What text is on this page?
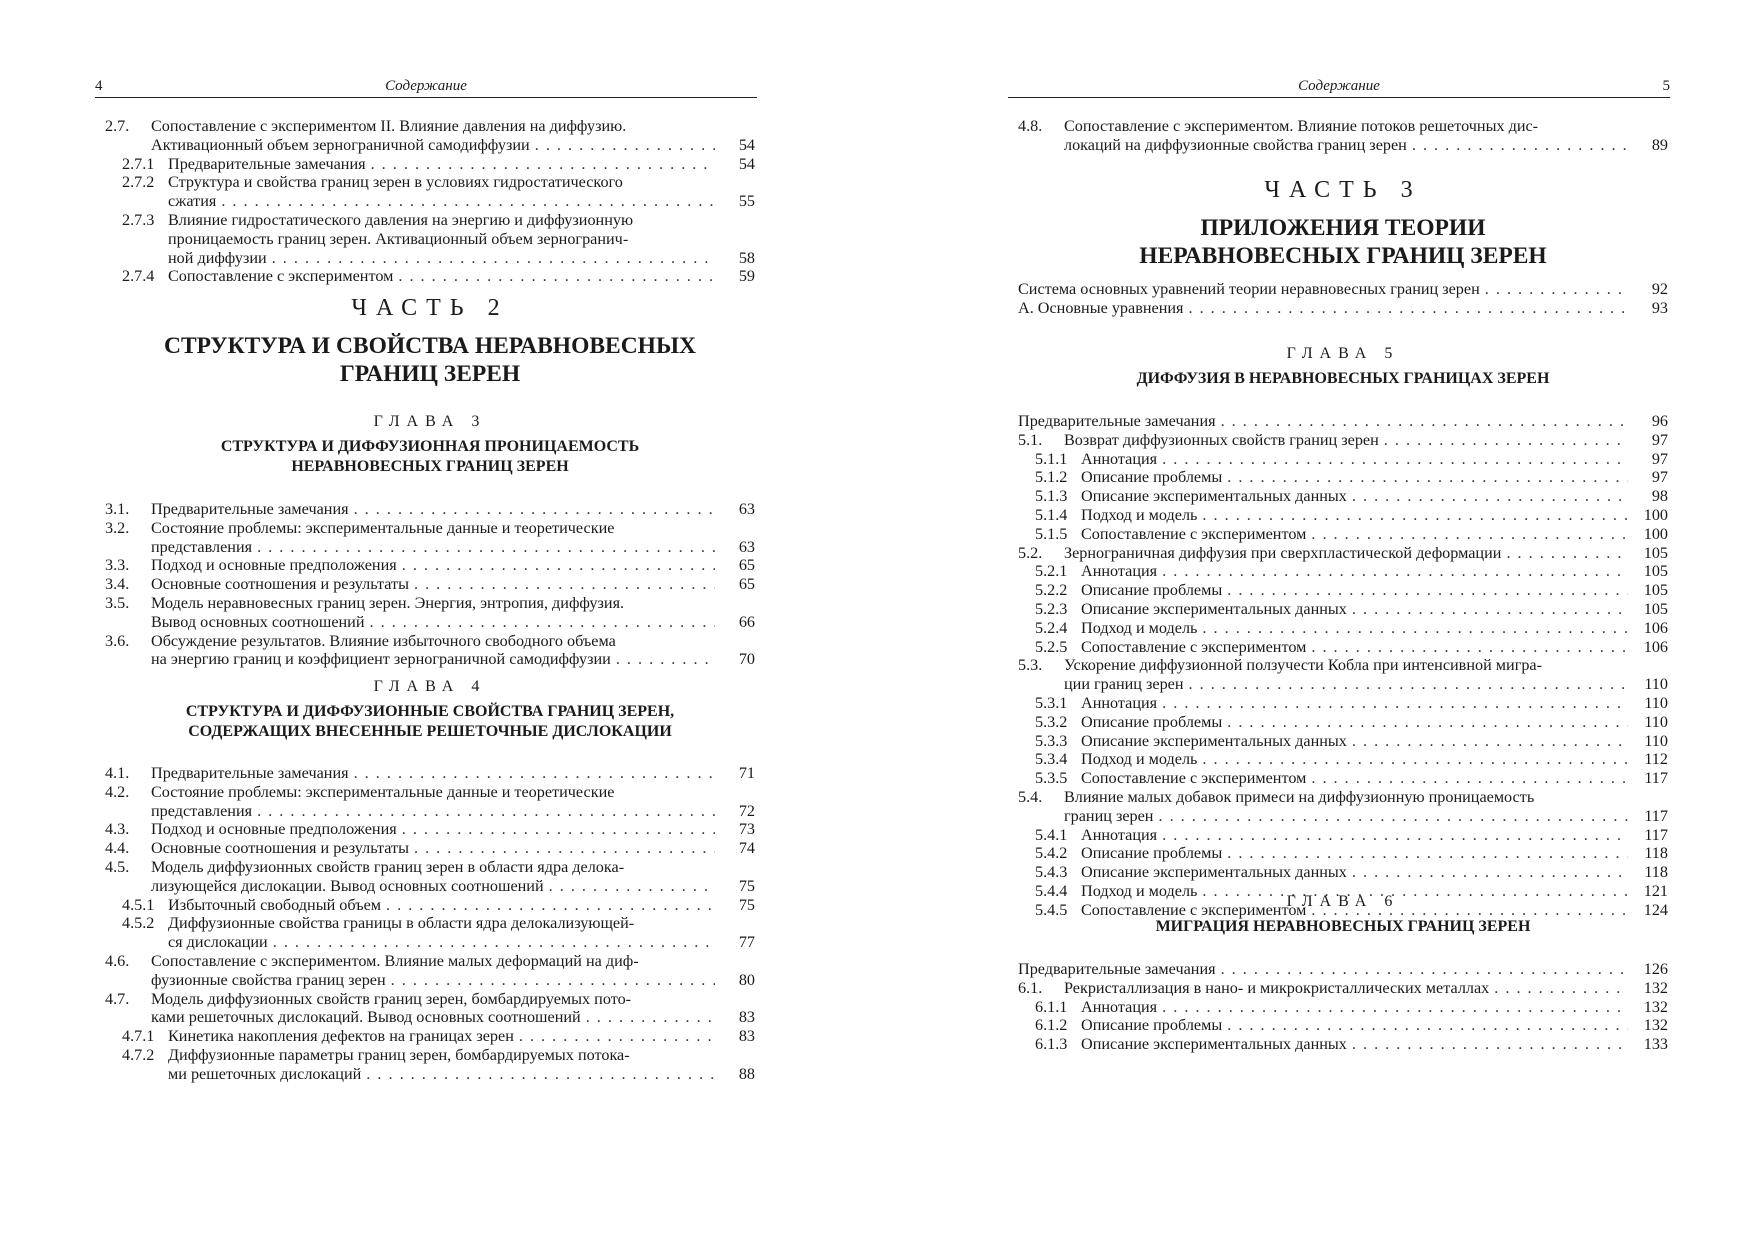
4	Содержание
2.7.	Сопоставление с экспериментом II. Влияние давления на диффузию.
Активационный объем зернограничной самодиффузии . . .	54
2.7.1 Предварительные замечания . . .	54
2.7.2 Структура и свойства границ зерен в условиях гидростатического
сжатия . . .	55
2.7.3 Влияние гидростатического давления на энергию и диффузионную
проницаемость границ зерен. Активационный объем зерногранич-
ной диффузии . . .	58
2.7.4 Сопоставление с экспериментом . . .	59

ЧАСТЬ 2

СТРУКТУРА И СВОЙСТВА НЕРАВНОВЕСНЫХ

ГРАНИЦ ЗЕРЕН

ГЛАВА 3

СТРУКТУРА И ДИФФУЗИОННАЯ ПРОНИЦАЕМОСТЬ

НЕРАВНОВЕСНЫХ ГРАНИЦ ЗЕРЕН

3.1.	Предварительные замечания . . .	63
3.2.	Состояние проблемы: экспериментальные данные и теоретические
представления . . .	63
3.3.	Подход и основные предположения . . .	65
3.4.	Основные соотношения и результаты . . .	65
3.5.	Модель неравновесных границ зерен. Энергия, энтропия, диффузия.
Вывод основных соотношений . . .	66
3.6.	Обсуждение результатов. Влияние избыточного свободного объема
на энергию границ и коэффициент зернограничной самодиффузии . . .	70

ГЛАВА 4

СТРУКТУРА И ДИФФУЗИОННЫЕ СВОЙСТВА ГРАНИЦ ЗЕРЕН,

СОДЕРЖАЩИХ ВНЕСЕННЫЕ РЕШЕТОЧНЫЕ ДИСЛОКАЦИИ

4.1.	Предварительные замечания . . .	71
4.2.	Состояние проблемы: экспериментальные данные и теоретические
представления . . .	72
4.3.	Подход и основные предположения . . .	73
4.4.	Основные соотношения и результаты . . .	74
4.5.	Модель диффузионных свойств границ зерен в области ядра делока-
лизующейся дислокации. Вывод основных соотношений . . .	75
4.5.1 Избыточный свободный объем . . .	75
4.5.2 Диффузионные свойства границы в области ядра делокализующей-
ся дислокации . . .	77
4.6.	Сопоставление с экспериментом. Влияние малых деформаций на диф-
фузионные свойства границ зерен . . .	80
4.7.	Модель диффузионных свойств границ зерен, бомбардируемых пото-
ками решеточных дислокаций. Вывод основных соотношений . . .	83
4.7.1 Кинетика накопления дефектов на границах зерен . . .	83
4.7.2 Диффузионные параметры границ зерен, бомбардируемых потока-
ми решеточных дислокаций . . .	88
Содержание	5
4.8.	Сопоставление с экспериментом. Влияние потоков решеточных дис-
локаций на диффузионные свойства границ зерен . . .	89

ЧАСТЬ 3

ПРИЛОЖЕНИЯ ТЕОРИИ

НЕРАВНОВЕСНЫХ ГРАНИЦ ЗЕРЕН

Система основных уравнений теории неравновесных границ зерен . . .	92
А. Основные уравнения . . .	93

ГЛАВА 5

ДИФФУЗИЯ В НЕРАВНОВЕСНЫХ ГРАНИЦАХ ЗЕРЕН

Предварительные замечания . . .	96
5.1.	Возврат диффузионных свойств границ зерен . . .	97
5.1.1 Аннотация . . .	97
5.1.2 Описание проблемы . . .	97
5.1.3 Описание экспериментальных данных . . .	98
5.1.4 Подход и модель . . .	100
5.1.5 Сопоставление с экспериментом . . .	100
5.2.	Зернограничная диффузия при сверхпластической деформации . . .	105
5.2.1 Аннотация . . .	105
5.2.2 Описание проблемы . . .	105
5.2.3 Описание экспериментальных данных . . .	105
5.2.4 Подход и модель . . .	106
5.2.5 Сопоставление с экспериментом . . .	106
5.3.	Ускорение диффузионной ползучести Кобла при интенсивной мигра-
ции границ зерен . . .	110
5.3.1 Аннотация . . .	110
5.3.2 Описание проблемы . . .	110
5.3.3 Описание экспериментальных данных . . .	110
5.3.4 Подход и модель . . .	112
5.3.5 Сопоставление с экспериментом . . .	117
5.4.	Влияние малых добавок примеси на диффузионную проницаемость
границ зерен . . .	117
5.4.1 Аннотация . . .	117
5.4.2 Описание проблемы . . .	118
5.4.3 Описание экспериментальных данных . . .	118
5.4.4 Подход и модель . . .	121
5.4.5 Сопоставление с экспериментом . . .	124

ГЛАВА 6

МИГРАЦИЯ НЕРАВНОВЕСНЫХ ГРАНИЦ ЗЕРЕН

Предварительные замечания . . .	126
6.1.	Рекристаллизация в нано- и микрокристаллических металлах . . .	132
6.1.1 Аннотация . . .	132
6.1.2 Описание проблемы . . .	132
6.1.3 Описание экспериментальных данных . . .	133
